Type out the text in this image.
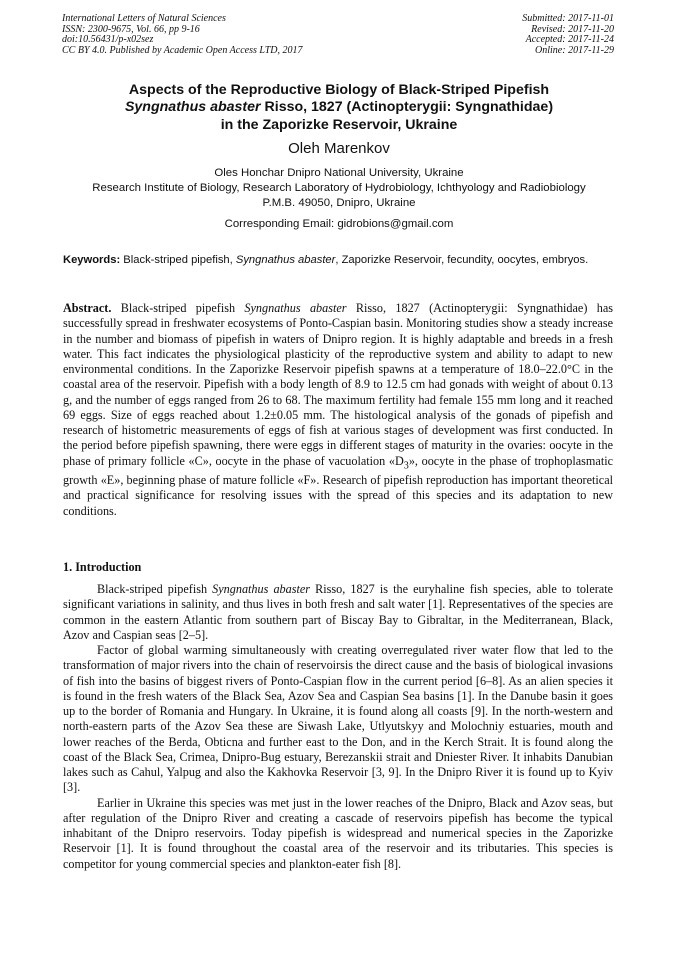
International Letters of Natural Sciences
ISSN: 2300-9675, Vol. 66, pp 9-16
doi:10.56431/p-x02sez
CC BY 4.0. Published by Academic Open Access LTD, 2017
Submitted: 2017-11-01
Revised: 2017-11-20
Accepted: 2017-11-24
Online: 2017-11-29
Aspects of the Reproductive Biology of Black-Striped Pipefish
Syngnathus abaster Risso, 1827 (Actinopterygii: Syngnathidae)
in the Zaporizke Reservoir, Ukraine
Oleh Marenkov
Oles Honchar Dnipro National University, Ukraine
Research Institute of Biology, Research Laboratory of Hydrobiology, Ichthyology and Radiobiology
P.M.B. 49050, Dnipro, Ukraine
Corresponding Email: gidrobions@gmail.com
Keywords: Black-striped pipefish, Syngnathus abaster, Zaporizke Reservoir, fecundity, oocytes, embryos.
Abstract. Black-striped pipefish Syngnathus abaster Risso, 1827 (Actinopterygii: Syngnathidae) has successfully spread in freshwater ecosystems of Ponto-Caspian basin. Monitoring studies show a steady increase in the number and biomass of pipefish in waters of Dnipro region. It is highly adaptable and breeds in a fresh water. This fact indicates the physiological plasticity of the reproductive system and ability to adapt to new environmental conditions. In the Zaporizke Reservoir pipefish spawns at a temperature of 18.0–22.0°C in the coastal area of the reservoir. Pipefish with a body length of 8.9 to 12.5 cm had gonads with weight of about 0.13 g, and the number of eggs ranged from 26 to 68. The maximum fertility had female 155 mm long and it reached 69 eggs. Size of eggs reached about 1.2±0.05 mm. The histological analysis of the gonads of pipefish and research of histometric measurements of eggs of fish at various stages of development was first conducted. In the period before pipefish spawning, there were eggs in different stages of maturity in the ovaries: oocyte in the phase of primary follicle «C», oocyte in the phase of vacuolation «$D_3$», oocyte in the phase of trophoplasmatic growth «E», beginning phase of mature follicle «F». Research of pipefish reproduction has important theoretical and practical significance for resolving issues with the spread of this species and its adaptation to new conditions.
1. Introduction

Black-striped pipefish Syngnathus abaster Risso, 1827 is the euryhaline fish species, able to tolerate significant variations in salinity, and thus lives in both fresh and salt water [1]. Representatives of the species are common in the eastern Atlantic from southern part of Biscay Bay to Gibraltar, in the Mediterranean, Black, Azov and Caspian seas [2–5].

Factor of global warming simultaneously with creating overregulated river water flow that led to the transformation of major rivers into the chain of reservoirsis the direct cause and the basis of biological invasions of fish into the basins of biggest rivers of Ponto-Caspian flow in the current period [6–8]. As an alien species it is found in the fresh waters of the Black Sea, Azov Sea and Caspian Sea basins [1]. In the Danube basin it goes up to the border of Romania and Hungary. In Ukraine, it is found along all coasts [9]. In the north-western and north-eastern parts of the Azov Sea these are Siwash Lake, Utlyutskyy and Molochniy estuaries, mouth and lower reaches of the Berda, Obticna and further east to the Don, and in the Kerch Strait. It is found along the coast of the Black Sea, Crimea, Dnipro-Bug estuary, Berezanskii strait and Dniester River. It inhabits Danubian lakes such as Cahul, Yalpug and also the Kakhovka Reservoir [3, 9]. In the Dnipro River it is found up to Kyiv [3].

Earlier in Ukraine this species was met just in the lower reaches of the Dnipro, Black and Azov seas, but after regulation of the Dnipro River and creating a cascade of reservoirs pipefish has become the typical inhabitant of the Dnipro reservoirs. Today pipefish is widespread and numerical species in the Zaporizke Reservoir [1]. It is found throughout the coastal area of the reservoir and its tributaries. This species is competitor for young commercial species and plankton-eater fish [8].
